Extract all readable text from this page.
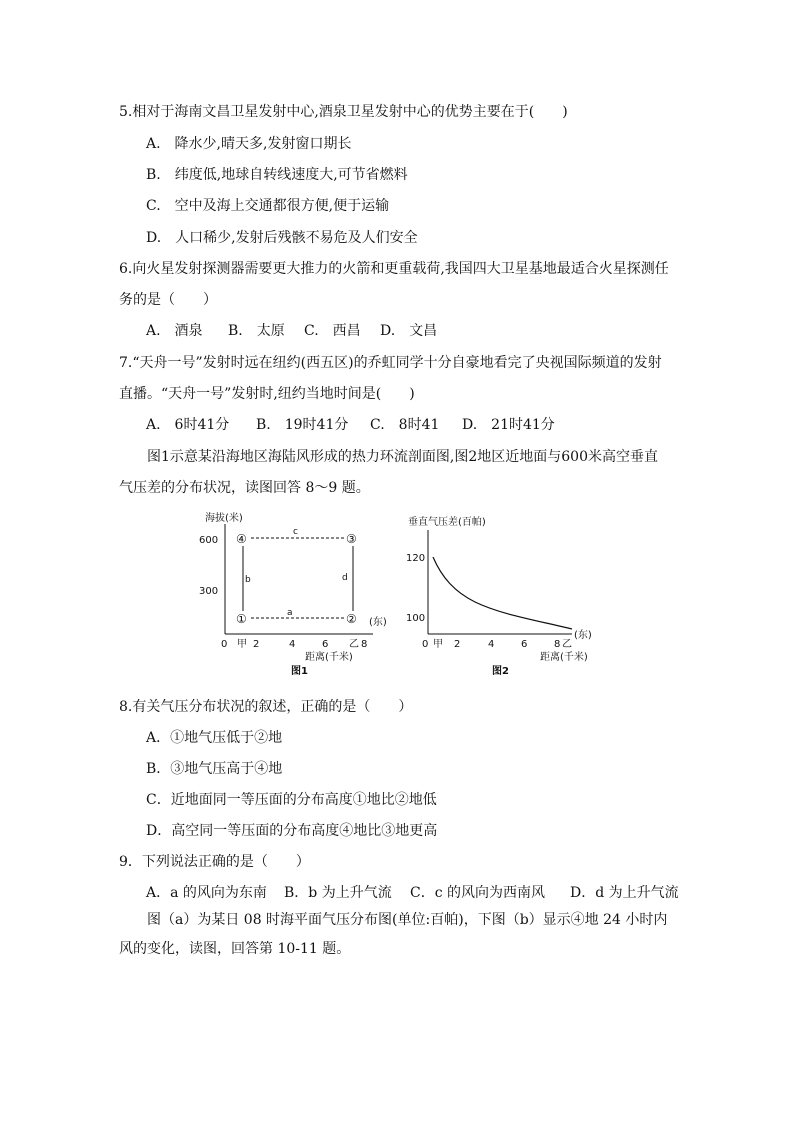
5.相对于海南文昌卫星发射中心,酒泉卫星发射中心的优势主要在于(　　)
A.　降水少,晴天多,发射窗口期长
B.　纬度低,地球自转线速度大,可节省燃料
C.　空中及海上交通都很方便,便于运输
D.　人口稀少,发射后残骸不易危及人们安全
6.向火星发射探测器需要更大推力的火箭和更重载荷,我国四大卫星基地最适合火星探测任
务的是（　　）
A.　酒泉 B.　太原 C.　西昌 D.　文昌
7.“天舟一号”发射时远在纽约(西五区)的乔虹同学十分自豪地看完了央视国际频道的发射
直播。“天舟一号”发射时,纽约当地时间是(　　)
A.　6时41分 B.　19时41分 C.　8时41 D.　21时41分
图1示意某沿海地区海陆风形成的热力环流剖面图,图2地区近地面与600米高空垂直
气压差的分布状况，读图回答 8～9 题。
海拔(米)
600
300
0 甲 2	4	6 乙 8
(东)
距离(千米)
图1
c
b	d
a
④	③
①	②
垂直气压差(百帕)
120
100
0 甲 2	4	6	8 乙
(东)
距离(千米)
图2
8.有关气压分布状况的叙述，正确的是（　　）
A．①地气压低于②地
B．③地气压高于④地
C．近地面同一等压面的分布高度①地比②地低
D．高空同一等压面的分布高度④地比③地更高
9．下列说法正确的是（　　）
A．a 的风向为东南 B．b 为上升气流 C．c 的风向为西南风 D．d 为上升气流
图（a）为某日 08 时海平面气压分布图(单位:百帕)，下图（b）显示④地 24 小时内
风的变化，读图，回答第 10-11 题。
